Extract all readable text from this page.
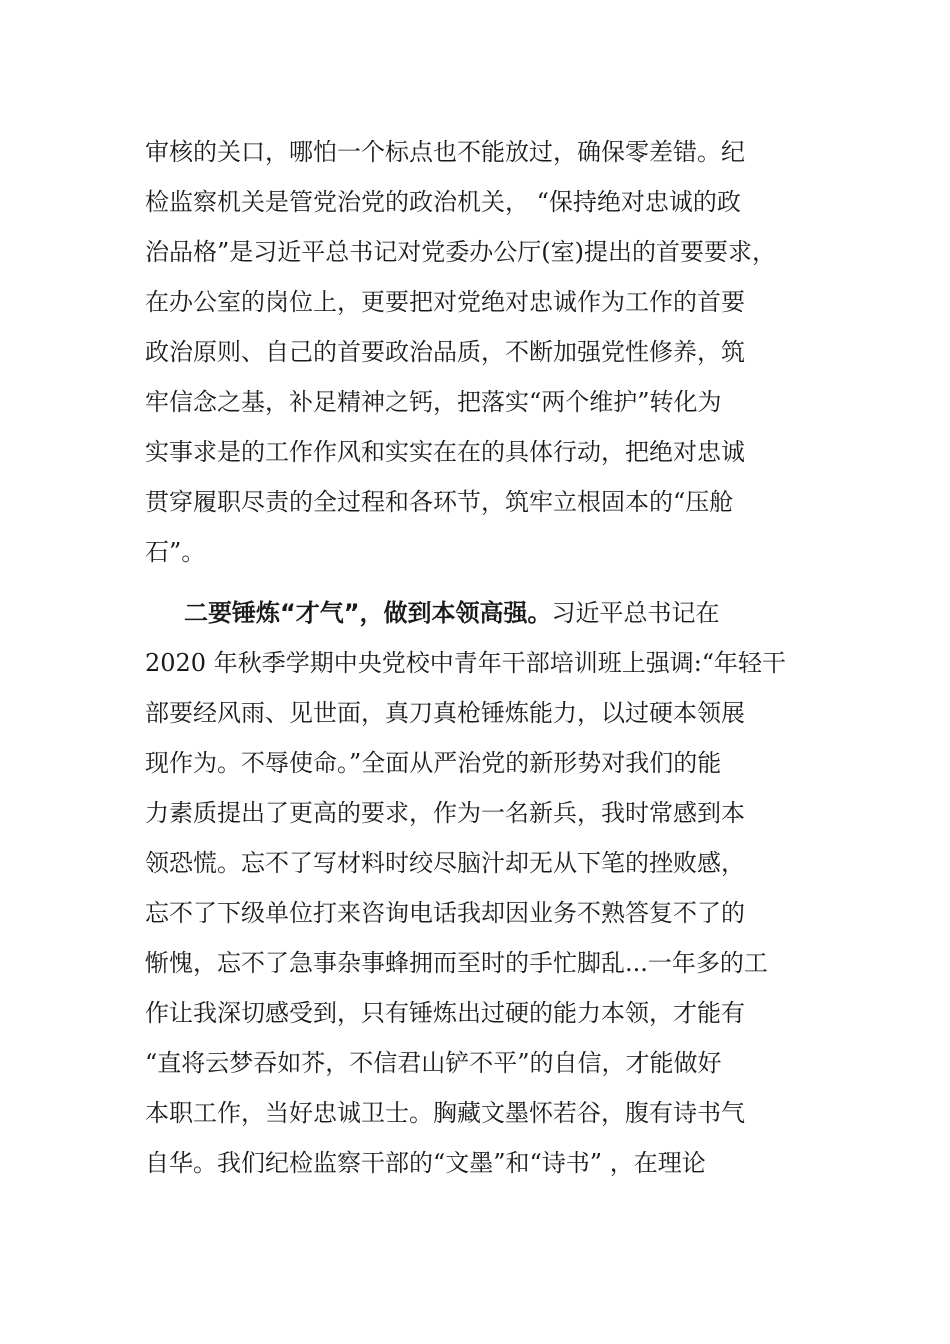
审核的关口，哪怕一个标点也不能放过，确保零差错。纪
检监察机关是管党治党的政治机关， “保持绝对忠诚的政
治品格”是习近平总书记对党委办公厅(室)提出的首要要求，
在办公室的岗位上，更要把对党绝对忠诚作为工作的首要
政治原则、自己的首要政治品质，不断加强党性修养，筑
牢信念之基，补足精神之钙，把落实“两个维护”转化为
实事求是的工作作风和实实在在的具体行动，把绝对忠诚
贯穿履职尽责的全过程和各环节，筑牢立根固本的“压舱
石”。
二要锤炼“才气”，做到本领高强。习近平总书记在
2020 年秋季学期中央党校中青年干部培训班上强调:“年轻干
部要经风雨、见世面，真刀真枪锤炼能力，以过硬本领展
现作为。不辱使命。”全面从严治党的新形势对我们的能
力素质提出了更高的要求，作为一名新兵，我时常感到本
领恐慌。忘不了写材料时绞尽脑汁却无从下笔的挫败感，
忘不了下级单位打来咨询电话我却因业务不熟答复不了的
惭愧，忘不了急事杂事蜂拥而至时的手忙脚乱...一年多的工
作让我深切感受到，只有锤炼出过硬的能力本领，才能有
“直将云梦吞如芥，不信君山铲不平”的自信，才能做好
本职工作，当好忠诚卫士。胸藏文墨怀若谷，腹有诗书气
自华。我们纪检监察干部的“文墨”和“诗书” ，在理论
